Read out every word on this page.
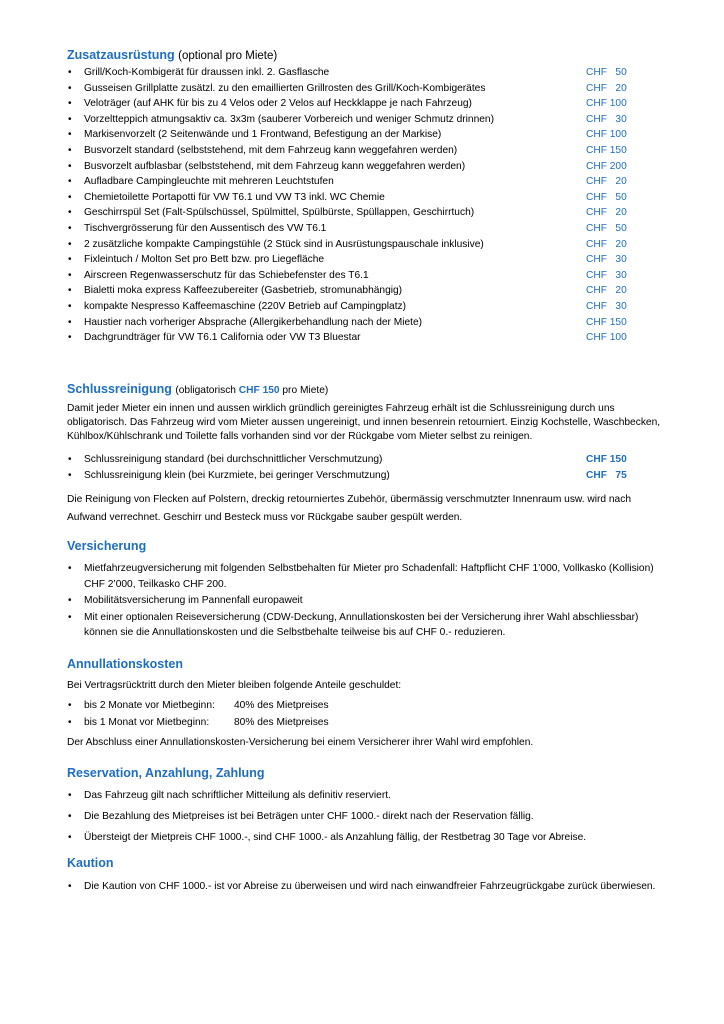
Zusatzausrüstung (optional pro Miete)
• Grill/Koch-Kombigerät für draussen inkl. 2. Gasflasche	CHF   50
• Gusseisen Grillplatte zusätzl. zu den emaillierten Grillrosten des Grill/Koch-Kombigerätes	CHF   20
• Veloträger (auf AHK für bis zu 4 Velos oder 2 Velos auf Heckklappe je nach Fahrzeug)	CHF 100
• Vorzeltteppich atmungsaktiv ca. 3x3m (sauberer Vorbereich und weniger Schmutz drinnen)	CHF   30
• Markisenvorzelt (2 Seitenwände und 1 Frontwand, Befestigung an der Markise)	CHF 100
• Busvorzelt standard (selbststehend, mit dem Fahrzeug kann weggefahren werden)	CHF 150
• Busvorzelt aufblasbar (selbststehend, mit dem Fahrzeug kann weggefahren werden)	CHF 200
• Aufladbare Campingleuchte mit mehreren Leuchtstufen	CHF   20
• Chemietoilette Portapotti für VW T6.1 und VW T3 inkl. WC Chemie	CHF   50
• Geschirrspül Set (Falt-Spülschüssel, Spülmittel, Spülbürste, Spüllappen, Geschirrtuch)	CHF   20
• Tischvergrösserung für den Aussentisch des VW T6.1	CHF   50
• 2 zusätzliche kompakte Campingstühle (2 Stück sind in Ausrüstungspauschale inklusive)	CHF   20
• Fixleintuch / Molton Set pro Bett bzw. pro Liegefläche	CHF   30
• Airscreen Regenwasserschutz für das Schiebefenster des T6.1	CHF   30
• Bialetti moka express Kaffeezubereiter (Gasbetrieb, stromunabhängig)	CHF   20
• kompakte Nespresso Kaffeemaschine (220V Betrieb auf Campingplatz)	CHF   30
• Haustier nach vorheriger Absprache (Allergikerbehandlung nach der Miete)	CHF 150
• Dachgrundträger für VW T6.1 California oder VW T3 Bluestar	CHF 100
Schlussreinigung (obligatorisch CHF 150 pro Miete)

Damit jeder Mieter ein innen und aussen wirklich gründlich gereinigtes Fahrzeug erhält ist die Schlussreinigung durch uns obligatorisch. Das Fahrzeug wird vom Mieter aussen ungereinigt, und innen besenrein retourniert. Einzig Kochstelle, Waschbecken, Kühlbox/Kühlschrank und Toilette falls vorhanden sind vor der Rückgabe vom Mieter selbst zu reinigen.

• Schlussreinigung standard (bei durchschnittlicher Verschmutzung)	CHF 150
• Schlussreinigung klein (bei Kurzmiete, bei geringer Verschmutzung)	CHF   75

Die Reinigung von Flecken auf Polstern, dreckig retourniertes Zubehör, übermässig verschmutzter Innenraum usw. wird nach Aufwand verrechnet. Geschirr und Besteck muss vor Rückgabe sauber gespült werden.

Versicherung
• Mietfahrzeugversicherung mit folgenden Selbstbehalten für Mieter pro Schadenfall: Haftpflicht CHF 1’000, Vollkasko (Kollision) CHF 2’000, Teilkasko CHF 200.
• Mobilitätsversicherung im Pannenfall europaweit
• Mit einer optionalen Reiseversicherung (CDW-Deckung, Annullationskosten bei der Versicherung ihrer Wahl abschliessbar) können sie die Annullationskosten und die Selbstbehalte teilweise bis auf CHF 0.- reduzieren.
Annullationskosten

Bei Vertragsrücktritt durch den Mieter bleiben folgende Anteile geschuldet:

• bis 2 Monate vor Mietbeginn: 40% des Mietpreises
• bis 1 Monat vor Mietbeginn: 80% des Mietpreises

Der Abschluss einer Annullationskosten-Versicherung bei einem Versicherer ihrer Wahl wird empfohlen.

Reservation, Anzahlung, Zahlung
• Das Fahrzeug gilt nach schriftlicher Mitteilung als definitiv reserviert.
• Die Bezahlung des Mietpreises ist bei Beträgen unter CHF 1000.- direkt nach der Reservation fällig.
• Übersteigt der Mietpreis CHF 1000.-, sind CHF 1000.- als Anzahlung fällig, der Restbetrag 30 Tage vor Abreise.
Kaution
• Die Kaution von CHF 1000.- ist vor Abreise zu überweisen und wird nach einwandfreier Fahrzeugrückgabe zurück überwiesen.
